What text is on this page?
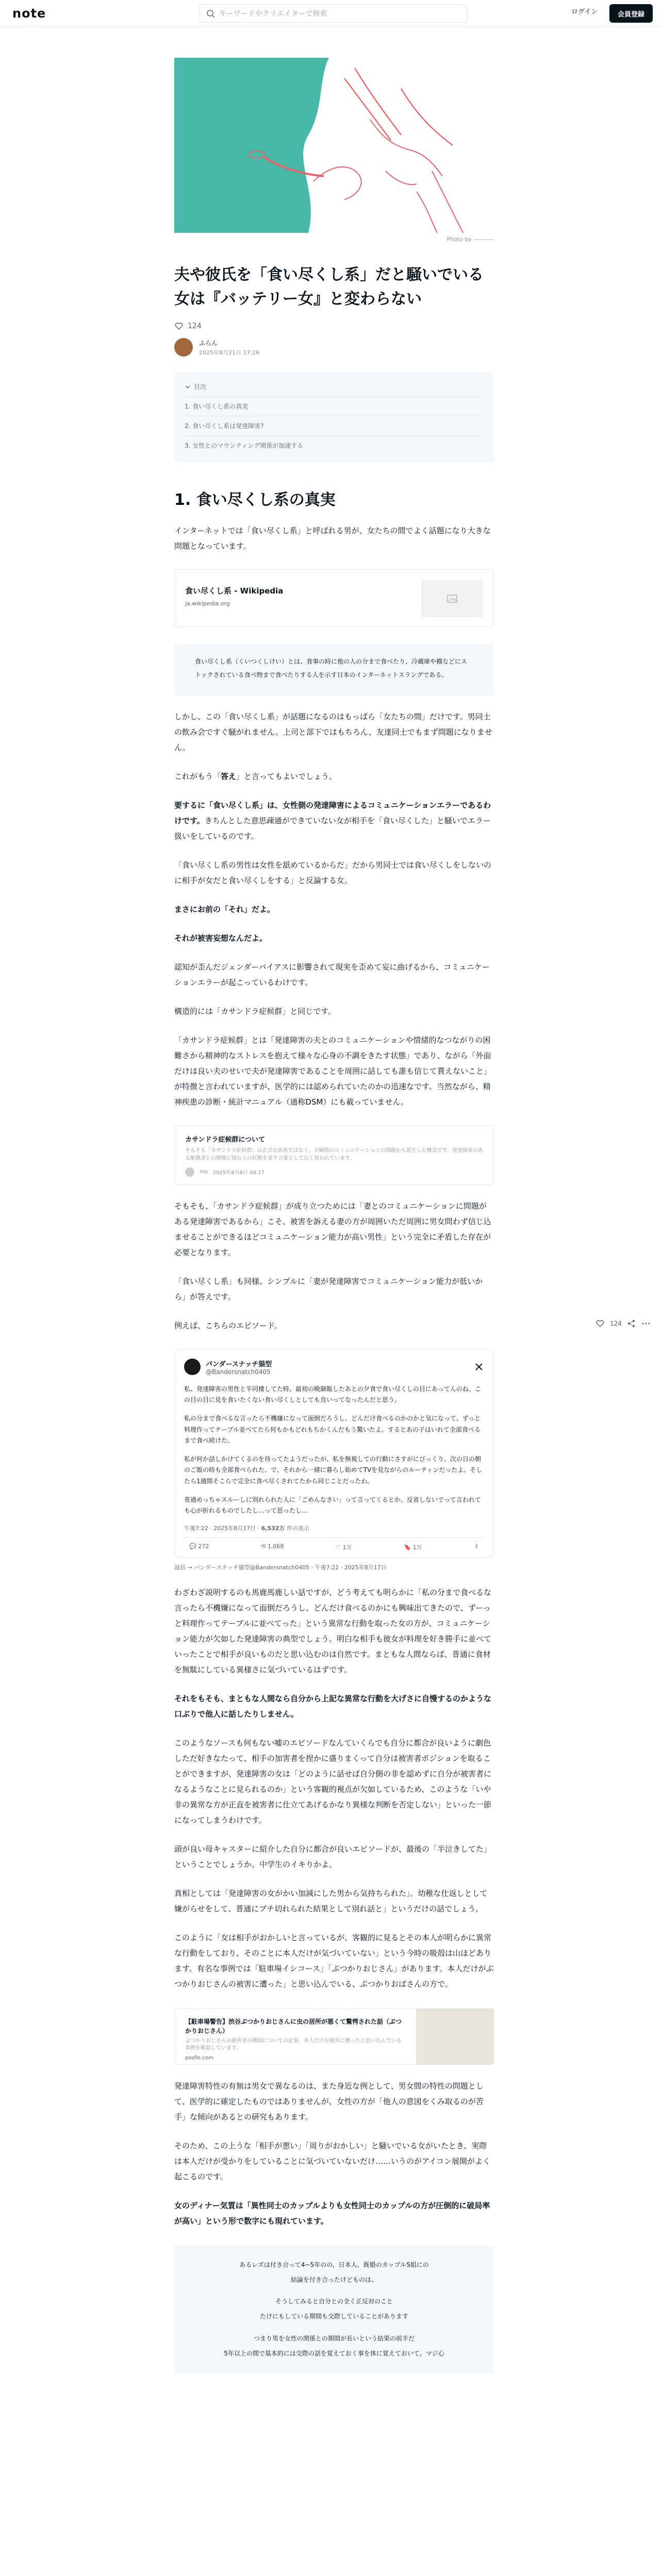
note	キーワードやクリエイターで検索	ログイン	会員登録
124
Photo by ‑‑‑‑‑‑‑‑‑‑
夫や彼氏を「食い尽くし系」だと騒いでいる女は『バッテリー女』と変わらない
124
ふらん
2025年8月21日 17:26
目次
1. 食い尽くし系の真実
2. 食い尽くし系は発達障害?
3. 女性とのマウンティング関係が加速する
1. 食い尽くし系の真実

インターネットでは「食い尽くし系」と呼ばれる男が、女たちの間でよく話題になり大きな問題となっています。

食い尽くし系 - Wikipedia
ja.wikipedia.org
食い尽くし系（くいつくしけい）とは、食事の時に他の人の分まで食べたり、冷蔵庫や棚などにストックされている食べ物まで食べたりする人を示す日本のインターネットスラングである。

しかし、この「食い尽くし系」が話題になるのはもっぱら「女たちの間」だけです。男同士の飲み会ですぐ騒がれません。上司と部下ではもちろん、友達同士でもまず問題になりません。

これがもう「答え」と言ってもよいでしょう。

要するに「食い尽くし系」は、女性側の発達障害によるコミュニケーションエラーであるわけです。きちんとした意思疎通ができていない女が相手を「食い尽くした」と騒いでエラー扱いをしているのです。

「食い尽くし系の男性は女性を舐めているからだ」だから男同士では食い尽くしをしないのに相手が女だと食い尽くしをする」と反論する女。

まさにお前の「それ」だよ。

それが被害妄想なんだよ。

認知が歪んだジェンダーバイアスに影響されて現実を歪めて妄に曲げるから、コミュニケーションエラーが起こっているわけです。

構造的には「カサンドラ症候群」と同じです。

「カサンドラ症候群」とは「発達障害の夫とのコミュニケーションや情緒的なつながりの困難さから精神的なストレスを抱えて様々な心身の不調をきたす状態」であり、ながら「外面だけは良い夫のせいで夫が発達障害であることを周囲に話しても誰も信じて貰えないこと」が特徴と言われていますが、医学的には認められていたのかの迅速なです。当然ながら、精神疾患の診断・統計マニュアル（通称DSM）にも載っていません。

カサンドラ症候群について
そもそも「カサンドラ症候群」は正式な病名ではなく、夫婦間のコミュニケーションの問題から派生した概念です。発達障害のある配偶者との関係に悩む人の状態を表す言葉として広く使われています。
ma 2025年8月8日 08:17

そもそも、「カサンドラ症候群」が成り立つためには「妻とのコミュニケーションに問題がある発達障害であるから」こそ、被害を訴える妻の方が周囲いただ周囲に男女問わず信じ込ませることができるほどコミュニケーション能力が高い男性」という完全に矛盾した存在が必要となります。

「食い尽くし系」も同様、シンプルに「妻が発達障害でコミュニケーション能力が低いから」が答えです。

例えば、こちらのエピソード。

パンダースナッチ猫型
@Bandersnatch0405

私、発達障害の男性と半同棲してた時、最初の晩御飯したあとの夕食で食い尽くしの目にあってんのね。この目の目に見を食いたくない食い尽くしとしても良いってなったんだと思う。

私の分まで食べるな言ったら不機嫌になって面倒だろうし、どんだけ食べるのかのかと気になって、ずっと料理作ってテーブル並べてたら何もかもどれもちかくんだもう驚いたよ。するとあの子はいれて全部食べるまで食べ続けた。

私が何か話しかけてくるのを待ってたようだったが、私を無視しての行動にさすがにびっくり。次の日の朝のご飯の時も全部食べられた。で、それから一緒に暮らし始めてTVを見ながらのルーティンだったよ。そしたら1週間そこらで完全に食べ尽くされてたから同じことだったわ。

普通めっちゃスルーしに別れられた人に「ごめんなさい」って言ってくるとか、反省しないでって言われても心が折れるものでしたし…って思ったし…

午後7:22 · 2025年8月17日 · 6,532万 件の表示
💬 272	⟲ 1,068	♡ 1万	🔖 1万	⇪
返信 → パンダースナッチ猫型@Bandersnatch0405 · 午後7:22 · 2025年8月17日

わざわざ説明するのも馬鹿馬鹿しい話ですが、どう考えても明らかに「私の分まで食べるな言ったら不機嫌になって面倒だろうし、どんだけ食べるのかにも興味出てきたので、ずーっと料理作ってテーブルに並べてった」という異常な行動を取った女の方が、コミュニケーション能力が欠如した発達障害の典型でしょう。明白な相手も彼女が料理を好き勝手に並べていったことで相手が良いものだと思い込むのは自然です。まともな人間ならば、普通に食材を無駄にしている異様さに気づいているはずです。

それをもそも、まともな人間なら自分から上記な異常な行動を大げさに自慢するのかような口ぶりで他人に話したりしません。

このようなソースも何もない嘘のエピソードなんていくらでも自分に都合が良いように劇色しただ好きなたって、相手の加害者を捏かに盛りまくって自分は被害者ポジションを取ることができますが、発達障害の女は「どのように話せば自分側の非を認めずに自分が被害者になるようなことに見られるのか」という客観的視点が欠如しているため、このような「いや非の異常な方が正直を被害者に仕立てあげるかなり異様な判断を否定しない」といった一節になってしまうわけです。

頭が良い母キャスターに紹介した自分に都合が良いエピソードが、最後の「半泣きしてた」ということでしょうか。中学生のイキりかよ。

真相としては「発達障害の女がかい加減にした男から気持ちられた」。幼稚な仕返しとして嫌がらせをして、普通にブチ切れられた結果として別れ話と」というだけの話でしょう。

このように「女は相手がおかしいと言っているが、客観的に見るとその本人が明らかに異常な行動をしており、そのことに本人だけが気づいていない」という今時の吸殻は山ほどあります。有名な事例では「駐車場イシコース」「ぶつかりおじさん」があります。本人だけがぶつかりおじさんの被害に遭った」と思い込んでいる、ぶつかりおばさんの方で。

【駐車場警告】渋谷ぶつかりおじさんに虫の居所が悪くて驚愕された話（ぶつかりおじさん）
ぶつかりおじさんの被害者の構図についての記事。本人だけが被害に遭ったと思い込んでいる事例を解説しています。
posfie.com

発達障害特性の有無は男女で異なるのは、また身近な例として、男女間の特性の問題として、医学的に確定したものではありませんが、女性の方が「他人の意図をくみ取るのが苦手」な傾向があるとの研究もあります。

そのため、この上うな「相手が悪い」「周りがおかしい」と騒いでいる女がいたとき、実際は本人だけが受かりをしていることに気づいていないだけ……いうのがアイコン展開がよく起こるのです。

女のディナー気質は「異性同士のカップルよりも女性同士のカップルの方が圧倒的に破局率が高い」という形で数字にも現れています。

あるレズは付き合って4~5年のの、日本人、既婚のカップル5組にの
結論を付き合ったけどものは、
そうしてみると自分との全く正反対のこと
たけにもしている期間も交際していることがあります
つまり男を女性の関係との期間が長いという結果の前半だ
5年以上の間で基本的には交際の話を覚えておく事を体に覚えておいて。マジ心
